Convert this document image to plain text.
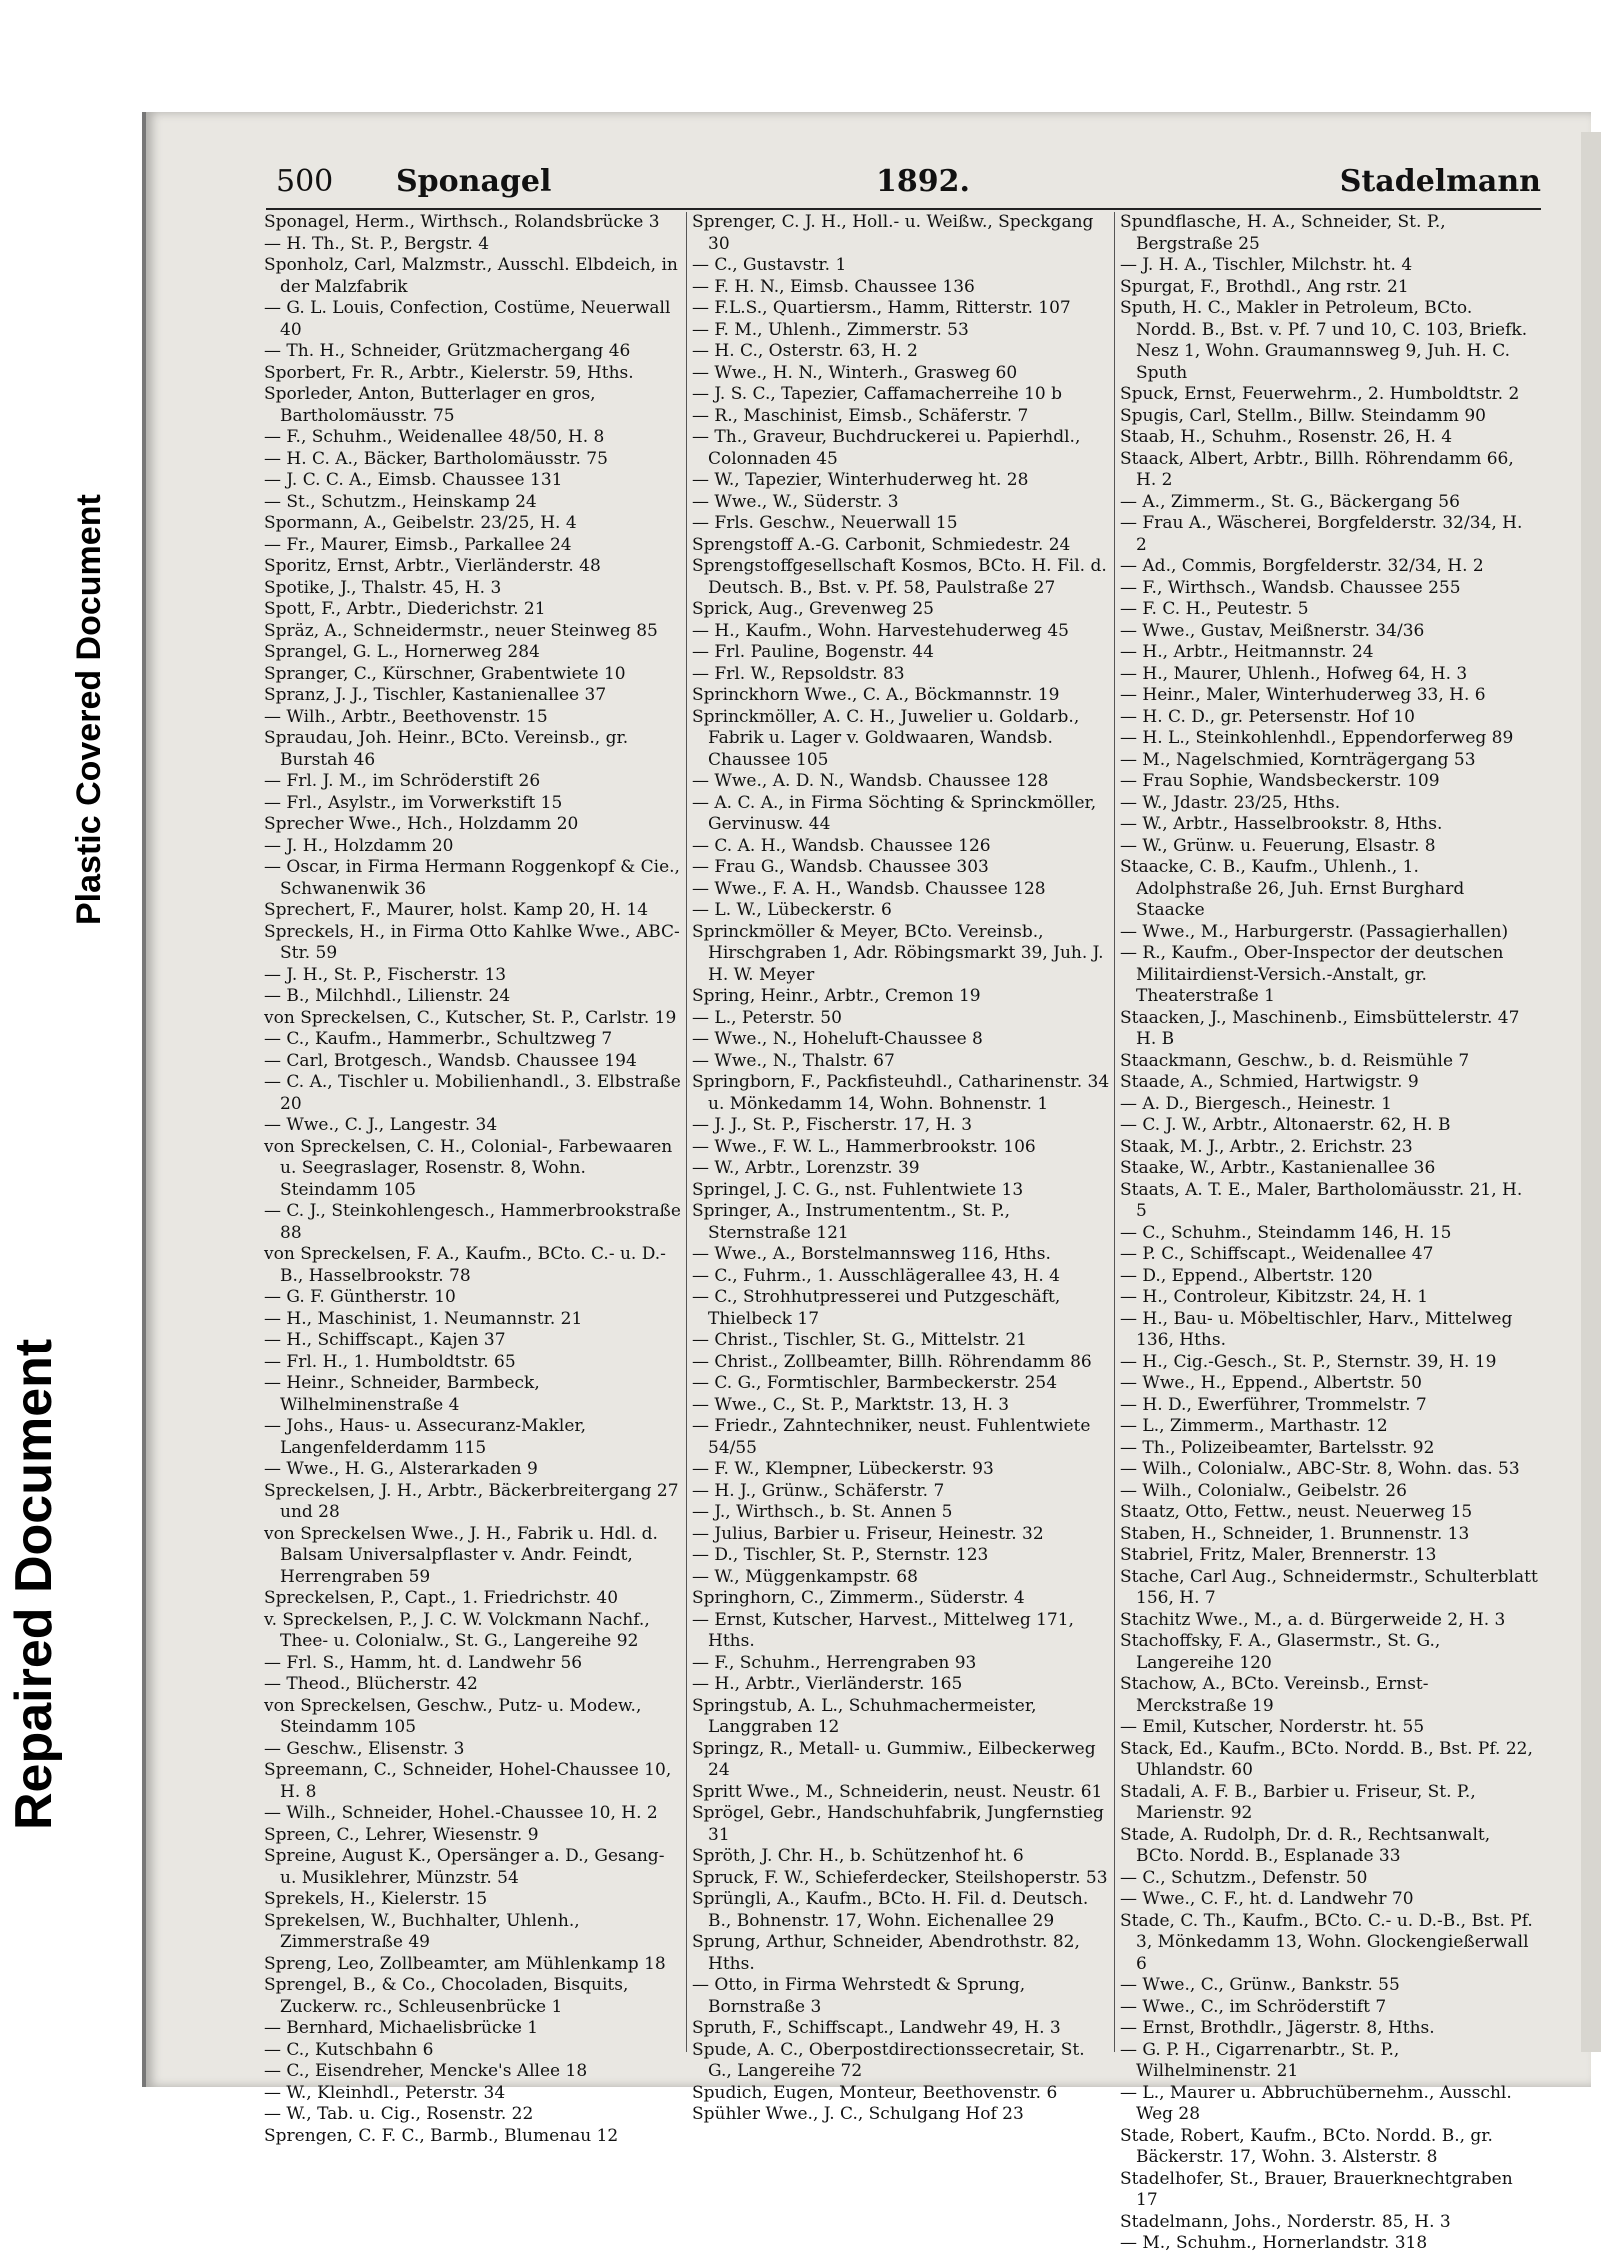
Repaired Document
Plastic Covered Document
500 Sponagel	1892.	Stadelmann

Sponagel, Herm., Wirthsch., Rolandsbrücke 3

— H. Th., St. P., Bergstr. 4

Sponholz, Carl, Malzmstr., Ausschl. Elbdeich, in der Malzfabrik

— G. L. Louis, Confection, Costüme, Neuerwall 40

— Th. H., Schneider, Grützmachergang 46

Sporbert, Fr. R., Arbtr., Kielerstr. 59, Hths.

Sporleder, Anton, Butterlager en gros, Bartholomäusstr. 75

— F., Schuhm., Weidenallee 48/50, H. 8

— H. C. A., Bäcker, Bartholomäusstr. 75

— J. C. C. A., Eimsb. Chaussee 131

— St., Schutzm., Heinskamp 24

Spormann, A., Geibelstr. 23/25, H. 4

— Fr., Maurer, Eimsb., Parkallee 24

Sporitz, Ernst, Arbtr., Vierländerstr. 48

Spotike, J., Thalstr. 45, H. 3

Spott, F., Arbtr., Diederichstr. 21

Spräz, A., Schneidermstr., neuer Steinweg 85

Sprangel, G. L., Hornerweg 284

Spranger, C., Kürschner, Grabentwiete 10

Spranz, J. J., Tischler, Kastanienallee 37

— Wilh., Arbtr., Beethovenstr. 15

Spraudau, Joh. Heinr., BCto. Vereinsb., gr. Burstah 46

— Frl. J. M., im Schröderstift 26

— Frl., Asylstr., im Vorwerkstift 15

Sprecher Wwe., Hch., Holzdamm 20

— J. H., Holzdamm 20

— Oscar, in Firma Hermann Roggenkopf & Cie., Schwanenwik 36

Sprechert, F., Maurer, holst. Kamp 20, H. 14

Spreckels, H., in Firma Otto Kahlke Wwe., ABC-Str. 59

— J. H., St. P., Fischerstr. 13

— B., Milchhdl., Lilienstr. 24

von Spreckelsen, C., Kutscher, St. P., Carlstr. 19

— C., Kaufm., Hammerbr., Schultzweg 7

— Carl, Brotgesch., Wandsb. Chaussee 194

— C. A., Tischler u. Mobilienhandl., 3. Elbstraße 20

— Wwe., C. J., Langestr. 34

von Spreckelsen, C. H., Colonial-, Farbewaaren u. Seegraslager, Rosenstr. 8, Wohn. Steindamm 105

— C. J., Steinkohlengesch., Hammerbrookstraße 88

von Spreckelsen, F. A., Kaufm., BCto. C.- u. D.-B., Hasselbrookstr. 78

— G. F. Güntherstr. 10

— H., Maschinist, 1. Neumannstr. 21

— H., Schiffscapt., Kajen 37

— Frl. H., 1. Humboldtstr. 65

— Heinr., Schneider, Barmbeck, Wilhelminenstraße 4

— Johs., Haus- u. Assecuranz-Makler, Langenfelderdamm 115

— Wwe., H. G., Alsterarkaden 9

Spreckelsen, J. H., Arbtr., Bäckerbreitergang 27 und 28

von Spreckelsen Wwe., J. H., Fabrik u. Hdl. d. Balsam Universalpflaster v. Andr. Feindt, Herrengraben 59

Spreckelsen, P., Capt., 1. Friedrichstr. 40

v. Spreckelsen, P., J. C. W. Volckmann Nachf., Thee- u. Colonialw., St. G., Langereihe 92

— Frl. S., Hamm, ht. d. Landwehr 56

— Theod., Blücherstr. 42

von Spreckelsen, Geschw., Putz- u. Modew., Steindamm 105

— Geschw., Elisenstr. 3

Spreemann, C., Schneider, Hohel-Chaussee 10, H. 8

— Wilh., Schneider, Hohel.-Chaussee 10, H. 2

Spreen, C., Lehrer, Wiesenstr. 9

Spreine, August K., Opersänger a. D., Gesang- u. Musiklehrer, Münzstr. 54

Sprekels, H., Kielerstr. 15

Sprekelsen, W., Buchhalter, Uhlenh., Zimmerstraße 49

Spreng, Leo, Zollbeamter, am Mühlenkamp 18

Sprengel, B., & Co., Chocoladen, Bisquits, Zuckerw. rc., Schleusenbrücke 1

— Bernhard, Michaelisbrücke 1

— C., Kutschbahn 6

— C., Eisendreher, Mencke's Allee 18

— W., Kleinhdl., Peterstr. 34

— W., Tab. u. Cig., Rosenstr. 22

Sprengen, C. F. C., Barmb., Blumenau 12

Sprenger, C. J. H., Holl.- u. Weißw., Speckgang 30

— C., Gustavstr. 1

— F. H. N., Eimsb. Chaussee 136

— F.L.S., Quartiersm., Hamm, Ritterstr. 107

— F. M., Uhlenh., Zimmerstr. 53

— H. C., Osterstr. 63, H. 2

— Wwe., H. N., Winterh., Grasweg 60

— J. S. C., Tapezier, Caffamacherreihe 10 b

— R., Maschinist, Eimsb., Schäferstr. 7

— Th., Graveur, Buchdruckerei u. Papierhdl., Colonnaden 45

— W., Tapezier, Winterhuderweg ht. 28

— Wwe., W., Süderstr. 3

— Frls. Geschw., Neuerwall 15

Sprengstoff A.-G. Carbonit, Schmiedestr. 24

Sprengstoffgesellschaft Kosmos, BCto. H. Fil. d. Deutsch. B., Bst. v. Pf. 58, Paulstraße 27

Sprick, Aug., Grevenweg 25

— H., Kaufm., Wohn. Harvestehuderweg 45

— Frl. Pauline, Bogenstr. 44

— Frl. W., Repsoldstr. 83

Sprinckhorn Wwe., C. A., Böckmannstr. 19

Sprinckmöller, A. C. H., Juwelier u. Goldarb., Fabrik u. Lager v. Goldwaaren, Wandsb. Chaussee 105

— Wwe., A. D. N., Wandsb. Chaussee 128

— A. C. A., in Firma Söchting & Sprinckmöller, Gervinusw. 44

— C. A. H., Wandsb. Chaussee 126

— Frau G., Wandsb. Chaussee 303

— Wwe., F. A. H., Wandsb. Chaussee 128

— L. W., Lübeckerstr. 6

Sprinckmöller & Meyer, BCto. Vereinsb., Hirschgraben 1, Adr. Röbingsmarkt 39, Juh. J. H. W. Meyer

Spring, Heinr., Arbtr., Cremon 19

— L., Peterstr. 50

— Wwe., N., Hoheluft-Chaussee 8

— Wwe., N., Thalstr. 67

Springborn, F., Packfisteuhdl., Catharinenstr. 34 u. Mönkedamm 14, Wohn. Bohnenstr. 1

— J. J., St. P., Fischerstr. 17, H. 3

— Wwe., F. W. L., Hammerbrookstr. 106

— W., Arbtr., Lorenzstr. 39

Springel, J. C. G., nst. Fuhlentwiete 13

Springer, A., Instrumententm., St. P., Sternstraße 121

— Wwe., A., Borstelmannsweg 116, Hths.

— C., Fuhrm., 1. Ausschlägerallee 43, H. 4

— C., Strohhutpresserei und Putzgeschäft, Thielbeck 17

— Christ., Tischler, St. G., Mittelstr. 21

— Christ., Zollbeamter, Billh. Röhrendamm 86

— C. G., Formtischler, Barmbeckerstr. 254

— Wwe., C., St. P., Marktstr. 13, H. 3

— Friedr., Zahntechniker, neust. Fuhlentwiete 54/55

— F. W., Klempner, Lübeckerstr. 93

— H. J., Grünw., Schäferstr. 7

— J., Wirthsch., b. St. Annen 5

— Julius, Barbier u. Friseur, Heinestr. 32

— D., Tischler, St. P., Sternstr. 123

— W., Müggenkampstr. 68

Springhorn, C., Zimmerm., Süderstr. 4

— Ernst, Kutscher, Harvest., Mittelweg 171, Hths.

— F., Schuhm., Herrengraben 93

— H., Arbtr., Vierländerstr. 165

Springstub, A. L., Schuhmachermeister, Langgraben 12

Springz, R., Metall- u. Gummiw., Eilbeckerweg 24

Spritt Wwe., M., Schneiderin, neust. Neustr. 61

Sprögel, Gebr., Handschuhfabrik, Jungfernstieg 31

Spröth, J. Chr. H., b. Schützenhof ht. 6

Spruck, F. W., Schieferdecker, Steilshoperstr. 53

Sprüngli, A., Kaufm., BCto. H. Fil. d. Deutsch. B., Bohnenstr. 17, Wohn. Eichenallee 29

Sprung, Arthur, Schneider, Abendrothstr. 82, Hths.

— Otto, in Firma Wehrstedt & Sprung, Bornstraße 3

Spruth, F., Schiffscapt., Landwehr 49, H. 3

Spude, A. C., Oberpostdirectionssecretair, St. G., Langereihe 72

Spudich, Eugen, Monteur, Beethovenstr. 6

Spühler Wwe., J. C., Schulgang Hof 23

Spundflasche, H. A., Schneider, St. P., Bergstraße 25

— J. H. A., Tischler, Milchstr. ht. 4

Spurgat, F., Brothdl., Ang rstr. 21

Sputh, H. C., Makler in Petroleum, BCto. Nordd. B., Bst. v. Pf. 7 und 10, C. 103, Briefk. Nesz 1, Wohn. Graumannsweg 9, Juh. H. C. Sputh

Spuck, Ernst, Feuerwehrm., 2. Humboldtstr. 2

Spugis, Carl, Stellm., Billw. Steindamm 90

Staab, H., Schuhm., Rosenstr. 26, H. 4

Staack, Albert, Arbtr., Billh. Röhrendamm 66, H. 2

— A., Zimmerm., St. G., Bäckergang 56

— Frau A., Wäscherei, Borgfelderstr. 32/34, H. 2

— Ad., Commis, Borgfelderstr. 32/34, H. 2

— F., Wirthsch., Wandsb. Chaussee 255

— F. C. H., Peutestr. 5

— Wwe., Gustav, Meißnerstr. 34/36

— H., Arbtr., Heitmannstr. 24

— H., Maurer, Uhlenh., Hofweg 64, H. 3

— Heinr., Maler, Winterhuderweg 33, H. 6

— H. C. D., gr. Petersenstr. Hof 10

— H. L., Steinkohlenhdl., Eppendorferweg 89

— M., Nagelschmied, Kornträgergang 53

— Frau Sophie, Wandsbeckerstr. 109

— W., Jdastr. 23/25, Hths.

— W., Arbtr., Hasselbrookstr. 8, Hths.

— W., Grünw. u. Feuerung, Elsastr. 8

Staacke, C. B., Kaufm., Uhlenh., 1. Adolphstraße 26, Juh. Ernst Burghard Staacke

— Wwe., M., Harburgerstr. (Passagierhallen)

— R., Kaufm., Ober-Inspector der deutschen Militairdienst-Versich.-Anstalt, gr. Theaterstraße 1

Staacken, J., Maschinenb., Eimsbüttelerstr. 47 H. B

Staackmann, Geschw., b. d. Reismühle 7

Staade, A., Schmied, Hartwigstr. 9

— A. D., Biergesch., Heinestr. 1

— C. J. W., Arbtr., Altonaerstr. 62, H. B

Staak, M. J., Arbtr., 2. Erichstr. 23

Staake, W., Arbtr., Kastanienallee 36

Staats, A. T. E., Maler, Bartholomäusstr. 21, H. 5

— C., Schuhm., Steindamm 146, H. 15

— P. C., Schiffscapt., Weidenallee 47

— D., Eppend., Albertstr. 120

— H., Controleur, Kibitzstr. 24, H. 1

— H., Bau- u. Möbeltischler, Harv., Mittelweg 136, Hths.

— H., Cig.-Gesch., St. P., Sternstr. 39, H. 19

— Wwe., H., Eppend., Albertstr. 50

— H. D., Ewerführer, Trommelstr. 7

— L., Zimmerm., Marthastr. 12

— Th., Polizeibeamter, Bartelsstr. 92

— Wilh., Colonialw., ABC-Str. 8, Wohn. das. 53

— Wilh., Colonialw., Geibelstr. 26

Staatz, Otto, Fettw., neust. Neuerweg 15

Staben, H., Schneider, 1. Brunnenstr. 13

Stabriel, Fritz, Maler, Brennerstr. 13

Stache, Carl Aug., Schneidermstr., Schulterblatt 156, H. 7

Stachitz Wwe., M., a. d. Bürgerweide 2, H. 3

Stachoffsky, F. A., Glasermstr., St. G., Langereihe 120

Stachow, A., BCto. Vereinsb., Ernst-Merckstraße 19

— Emil, Kutscher, Norderstr. ht. 55

Stack, Ed., Kaufm., BCto. Nordd. B., Bst. Pf. 22, Uhlandstr. 60

Stadali, A. F. B., Barbier u. Friseur, St. P., Marienstr. 92

Stade, A. Rudolph, Dr. d. R., Rechtsanwalt, BCto. Nordd. B., Esplanade 33

— C., Schutzm., Defenstr. 50

— Wwe., C. F., ht. d. Landwehr 70

Stade, C. Th., Kaufm., BCto. C.- u. D.-B., Bst. Pf. 3, Mönkedamm 13, Wohn. Glockengießerwall 6

— Wwe., C., Grünw., Bankstr. 55

— Wwe., C., im Schröderstift 7

— Ernst, Brothdlr., Jägerstr. 8, Hths.

— G. P. H., Cigarrenarbtr., St. P., Wilhelminenstr. 21

— L., Maurer u. Abbruchübernehm., Ausschl. Weg 28

Stade, Robert, Kaufm., BCto. Nordd. B., gr. Bäckerstr. 17, Wohn. 3. Alsterstr. 8

Stadelhofer, St., Brauer, Brauerknechtgraben 17

Stadelmann, Johs., Norderstr. 85, H. 3

— M., Schuhm., Hornerlandstr. 318
